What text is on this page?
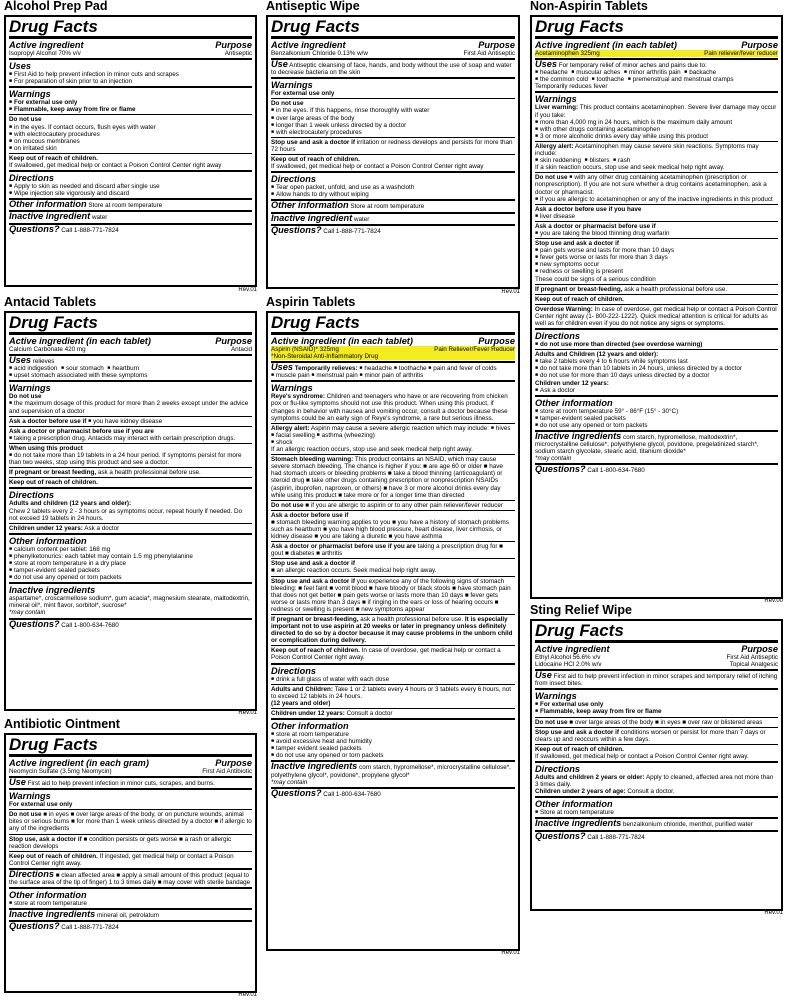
Alcohol Prep Pad
Drug Facts
Active ingredient	Purpose
Isopropyl Alcohol 70% v/v	Antiseptic
Uses
■ First Aid to help prevent infection in minor cuts and scrapes
■ For preparation of skin prior to an injection
Warnings
■ For external use only
■ Flammable, keep away from fire or flame
Do not use
■ in the eyes. If contact occurs, flush eyes with water
■ with electrocautery procedures
■ on mucous membranes
■ on irritated skin
Keep out of reach of children.
If swallowed, get medical help or contact a Poison Control Center right away
Directions
■ Apply to skin as needed and discard after single use
■ Wipe injection site vigorously and discard
Other information Store at room temperature
Inactive ingredient water
Questions? Call 1-888-771-7824
Rev.01
Antacid Tablets
Drug Facts
Active ingredient (in each tablet)	Purpose
Calcium Carbonate 420 mg	Antacid
Uses relieves
■ acid indigestion ■ sour stomach ■ heartburn
■ upset stomach associated with these symptoms
Warnings
Do not use
■ the maximum dosage of this product for more than 2 weeks except under the advice and supervision of a doctor
Ask a doctor before use if ■ you have kidney disease
Ask a doctor or pharmacist before use if you are
■ taking a prescription drug. Antacids may interact with certain prescription drugs.
When using this product
■ do not take more than 19 tablets in a 24 hour period. If symptoms persist for more than two weeks, stop using this product and see a doctor.
If pregnant or breast feeding, ask a health professional before use.
Keep out of reach of children.
Directions
Adults and children (12 years and older):
Chew 2 tablets every 2 - 3 hours or as symptoms occur, repeat hourly if needed. Do not exceed 19 tablets in 24 hours.
Children under 12 years: Ask a doctor
Other information
■ calcium content per tablet: 168 mg
■ phenylketonurics: each tablet may contain 1.5 mg phenylalanine
■ store at room temperature in a dry place
■ tamper-evident sealed packets
■ do not use any opened or torn packets
Inactive ingredients
aspartame*, croscarmellose sodium*, gum acacia*, magnesium stearate, maltodextrin, mineral oil*, mint flavor, sorbitol*, sucrose*
*may contain
Questions? Call 1-800-634-7680
Rev.01
Antibiotic Ointment
Drug Facts
Active ingredient (in each gram)	Purpose
Neomycin Sulfate (3.5mg Neomycin)	First Aid Antibiotic
Use First aid to help prevent infection in minor cuts, scrapes, and burns.
Warnings
For external use only
Do not use ■ in eyes ■ over large areas of the body, or on puncture wounds, animal bites or serious burns ■ for more than 1 week unless directed by a doctor ■ if allergic to any of the ingredients
Stop use, ask a doctor if ■ condition persists or gets worse ■ a rash or allergic reaction develops
Keep out of reach of children. If ingested, get medical help or contact a Poison Control Center right away.
Directions ■ clean affected area ■ apply a small amount of this product (equal to the surface area of the tip of finger) 1 to 3 times daily ■ may cover with sterile bandage
Other information
■ store at room temperature
Inactive ingredients mineral oil, petrolatum
Questions? Call 1-888-771-7824
Rev.01
Antiseptic Wipe
Drug Facts
Active ingredient	Purpose
Benzalkonium Chloride 0.13% w/w	First Aid Antiseptic
Use Antiseptic cleansing of face, hands, and body without the use of soap and water to decrease bacteria on the skin
Warnings
For external use only
Do not use
■ in the eyes. If this happens, rinse thoroughly with water
■ over large areas of the body
■ longer than 1 week unless directed by a doctor
■ with electrocautery procedures
Stop use and ask a doctor if irritation or redness develops and persists for more than 72 hours
Keep out of reach of children.
If swallowed, get medical help or contact a Poison Control Center right away
Directions
■ Tear open packet, unfold, and use as a washcloth
■ Allow hands to dry without wiping
Other information Store at room temperature
Inactive ingredient water
Questions? Call 1-888-771-7824
Rev.01
Aspirin Tablets
Drug Facts
Active ingredient (in each tablet)	Purpose
Aspirin (NSAID)* 325mg	Pain Reliever/Fever Reducer
*Non-Steroidal Anti-Inflammatory Drug
Uses Temporarily relieves: ■ headache ■ toothache ■ pain and fever of colds ■ muscle pain ■ menstrual pain ■ minor pain of arthritis
Warnings
Reye's syndrome: Children and teenagers who have or are recovering from chicken pox or flu-like symptoms should not use this product. When using this product, if changes in behavior with nausea and vomiting occur, consult a doctor because these symptoms could be an early sign of Reye's syndrome, a rare but serious illness.
Allergy alert: Aspirin may cause a severe allergic reaction which may include: ■ hives ■ facial swelling ■ asthma (wheezing)
■ shock
If an allergic reaction occurs, stop use and seek medical help right away.
Stomach bleeding warning: This product contains an NSAID, which may cause severe stomach bleeding. The chance is higher if you: ■ are age 60 or older ■ have had stomach ulcers or bleeding problems ■ take a blood thinning (anticoagulant) or steroid drug ■ take other drugs containing prescription or nonprescription NSAIDs (aspirin, ibuprofen, naproxen, or others) ■ have 3 or more alcohol drinks every day while using this product ■ take more or for a longer time than directed
Do not use ■ if you are allergic to aspirin or to any other pain reliever/fever reducer
Ask a doctor before use if
■ stomach bleeding warning applies to you ■ you have a history of stomach problems such as heartburn ■ you have high blood pressure, heart disease, liver cirrhosis, or kidney disease ■ you are taking a diuretic ■ you have asthma
Ask a doctor or pharmacist before use if you are taking a prescription drug for ■ gout ■ diabetes ■ arthritis
Stop use and ask a doctor if
■ an allergic reaction occurs. Seek medical help right away.
Stop use and ask a doctor if you experience any of the following signs of stomach bleeding: ■ feel faint ■ vomit blood ■ have bloody or black stools ■ have stomach pain that does not get better ■ pain gets worse or lasts more than 10 days ■ fever gets worse or lasts more than 3 days ■ if ringing in the ears or loss of hearing occurs ■ redness or swelling is present ■ new symptoms appear
If pregnant or breast-feeding, ask a health professional before use. It is especially important not to use aspirin at 20 weeks or later in pregnancy unless definitely directed to do so by a doctor because it may cause problems in the unborn child or complication during delivery.
Keep out of reach of children. In case of overdose, get medical help or contact a Poison Control Center right away.
Directions
■ drink a full glass of water with each dose
Adults and Children: Take 1 or 2 tablets every 4 hours or 3 tablets every 6 hours, not to exceed 12 tablets in 24 hours.
(12 years and older)
Children under 12 years: Consult a doctor
Other information
■ store at room temperature
■ avoid excessive heat and humidity
■ tamper evident sealed packets
■ do not use any opened or torn packets
Inactive ingredients corn starch, hypromellose*, microcrystalline cellulose*, polyethylene glycol*, povidone*, propylene glycol*
*may contain
Questions? Call 1-800-634-7680
Rev.01
Non-Aspirin Tablets
Drug Facts
Active ingredient (in each tablet)	Purpose
Acetaminophen 325mg	Pain reliever/fever reducer
Uses For temporary relief of minor aches and pains due to:
■ headache ■ muscular aches ■ minor arthritis pain ■ backache
■ the common cold ■ toothache ■ premenstrual and menstrual cramps
Temporarily reduces fever
Warnings
Liver warning: This product contains acetaminophen. Severe liver damage may occur if you take:
■ more than 4,000 mg in 24 hours, which is the maximum daily amount
■ with other drugs containing acetaminophen
■ 3 or more alcoholic drinks every day while using this product
Allergy alert: Acetaminophen may cause severe skin reactions. Symptoms may include:
■ skin reddening ■ blisters ■ rash
If a skin reaction occurs, stop use and seek medical help right away.
Do not use ■ with any other drug containing acetaminophen (prescription or nonprescription). If you are not sure whether a drug contains acetaminophen, ask a doctor or pharmacist.
■ if you are allergic to acetaminophen or any of the inactive ingredients in this product
Ask a doctor before use if you have
■ liver disease
Ask a doctor or pharmacist before use if
■ you are taking the blood thinning drug warfarin
Stop use and ask a doctor if
■ pain gets worse and lasts for more than 10 days
■ fever gets worse or lasts for more than 3 days
■ new symptoms occur
■ redness or swelling is present
These could be signs of a serious condition
If pregnant or breast-feeding, ask a health professional before use.
Keep out of reach of children.
Overdose Warning: In case of overdose, get medical help or contact a Poison Control Center right away (1- 800-222-1222). Quick medical attention is critical for adults as well as for children even if you do not notice any signs or symptoms.
Directions
■ do not use more than directed (see overdose warning)
Adults and Children (12 years and older):
■ take 2 tablets every 4 to 6 hours while symptoms last
■ do not take more than 10 tablets in 24 hours, unless directed by a doctor
■ do not use for more than 10 days unless directed by a doctor
Children under 12 years:
■ Ask a doctor
Other information
■ store at room temperature 59° - 86°F (15° - 30°C)
■ tamper-evident sealed packets
■ do not use any opened or torn packets
Inactive ingredients corn starch, hypromellose, maltodextrin*, microcrystalline cellulose*, polyethylene glycol, povidone, pregelatinized starch*, sodium starch glycolate, stearic acid, titanium dioxide*
*may contain
Questions? Call 1-800-634-7680
Rev.00
Sting Relief Wipe
Drug Facts
Active ingredient	Purpose
Ethyl Alcohol 56.6% v/v	First Aid Antiseptic
Lidocaine HCl 2.0% w/v	Topical Analgesic
Use First aid to help prevent infection in minor scrapes and temporary relief of itching from insect bites.
Warnings
■ For external use only
■ Flammable, keep away from fire or flame
Do not use ■ over large areas of the body ■ in eyes ■ over raw or blistered areas
Stop use and ask a doctor if conditions worsen or persist for more than 7 days or clears up and reoccurs within a few days.
Keep out of reach of children.
If swallowed, get medical help or contact a Poison Control Center right away.
Directions
Adults and children 2 years or older: Apply to cleaned, affected area not more than 3 times daily.
Children under 2 years of age: Consult a doctor.
Other information
■ Store at room temperature
Inactive ingredients benzalkonium chloride, menthol, purified water
Questions? Call 1-888-771-7824
Rev.01
